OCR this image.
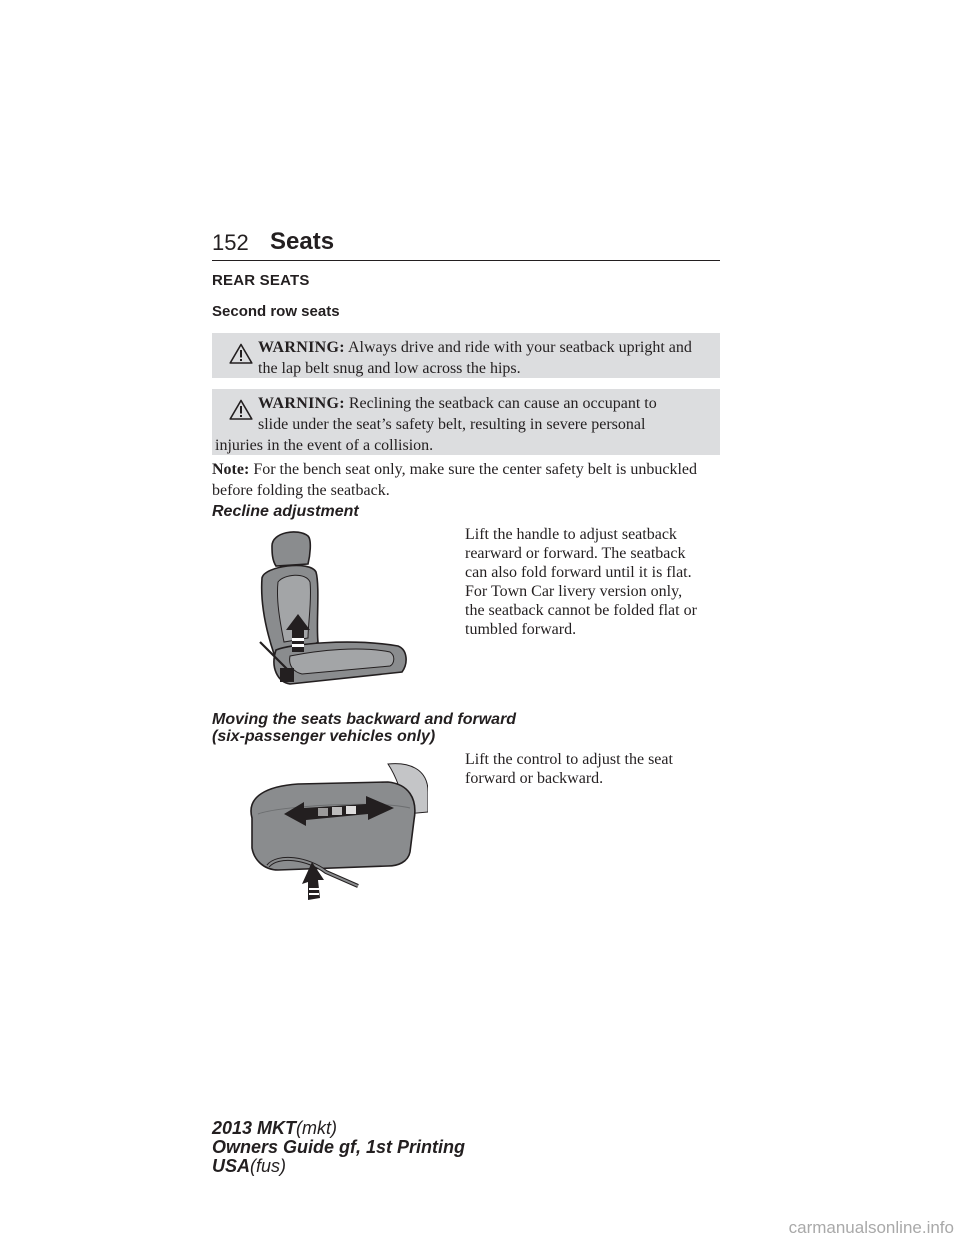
152 Seats
REAR SEATS
Second row seats
WARNING: Always drive and ride with your seatback upright and the lap belt snug and low across the hips.
WARNING: Reclining the seatback can cause an occupant to
slide under the seat’s safety belt, resulting in severe personal
injuries in the event of a collision.
Note: For the bench seat only, make sure the center safety belt is unbuckled before folding the seatback.
Recline adjustment
Lift the handle to adjust seatback
rearward or forward. The seatback
can also fold forward until it is flat.
For Town Car livery version only,
the seatback cannot be folded flat or
tumbled forward.
Moving the seats backward and forward
(six-passenger vehicles only)
Lift the control to adjust the seat
forward or backward.
2013 MKT(mkt)
Owners Guide gf, 1st Printing
USA(fus)
carmanualsonline.info
